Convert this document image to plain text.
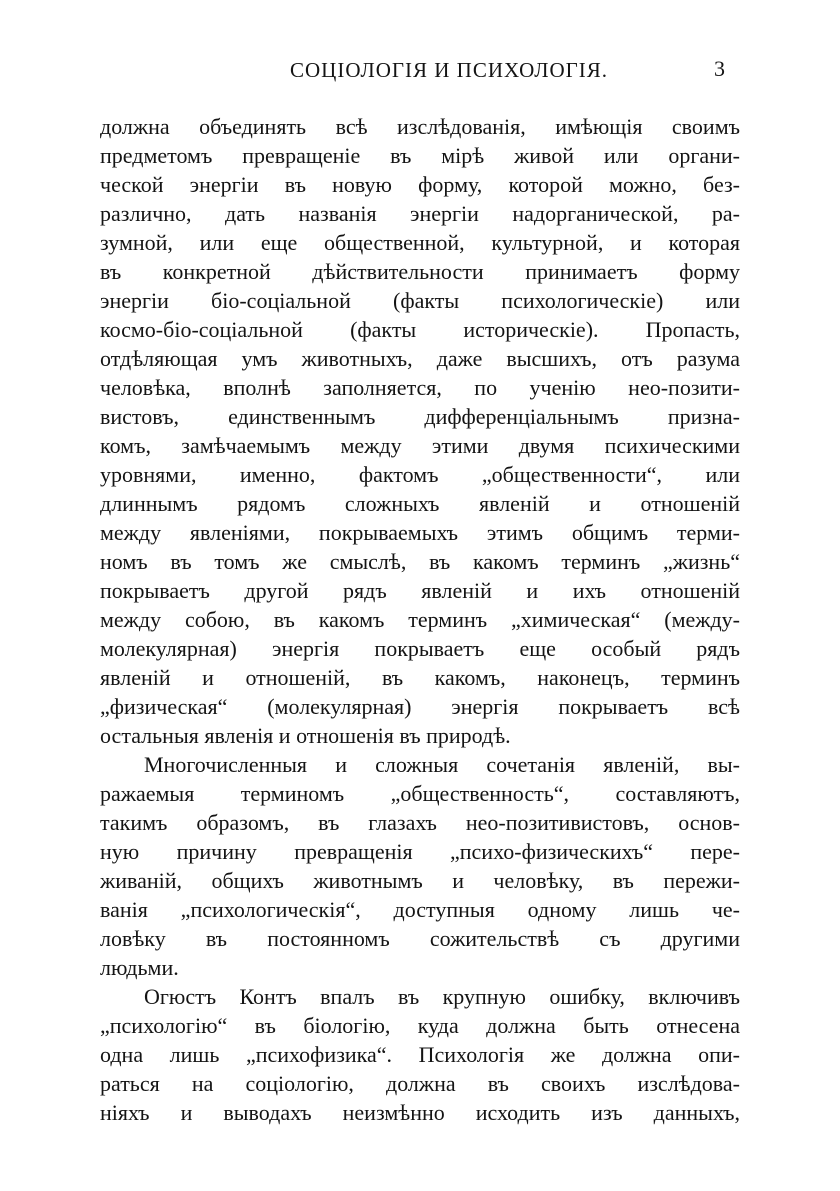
СОЦІОЛОГІЯ И ПСИХОЛОГІЯ.	3
должна объединять всѣ изслѣдованія, имѣющія своимъ
предметомъ превращеніе въ мірѣ живой или органи-
ческой энергіи въ новую форму, которой можно, без-
различно, дать названія энергіи надорганической, ра-
зумной, или еще общественной, культурной, и которая
въ конкретной дѣйствительности принимаетъ форму
энергіи біо-соціальной (факты психологическіе) или
космо-біо-соціальной (факты историческіе). Пропасть,
отдѣляющая умъ животныхъ, даже высшихъ, отъ разума
человѣка, вполнѣ заполняется, по ученію нео-позити-
вистовъ, единственнымъ дифференціальнымъ призна-
комъ, замѣчаемымъ между этими двумя психическими
уровнями, именно, фактомъ „общественности“, или
длиннымъ рядомъ сложныхъ явленій и отношеній
между явленіями, покрываемыхъ этимъ общимъ терми-
номъ въ томъ же смыслѣ, въ какомъ терминъ „жизнь“
покрываетъ другой рядъ явленій и ихъ отношеній
между собою, въ какомъ терминъ „химическая“ (между-
молекулярная) энергія покрываетъ еще особый рядъ
явленій и отношеній, въ какомъ, наконецъ, терминъ
„физическая“ (молекулярная) энергія покрываетъ всѣ
остальныя явленія и отношенія въ природѣ.
Многочисленныя и сложныя сочетанія явленій, вы-
ражаемыя терминомъ „общественность“, составляютъ,
такимъ образомъ, въ глазахъ нео-позитивистовъ, основ-
ную причину превращенія „психо-физическихъ“ пере-
живаній, общихъ животнымъ и человѣку, въ пережи-
ванія „психологическія“, доступныя одному лишь че-
ловѣку въ постоянномъ сожительствѣ съ другими
людьми.
Огюстъ Контъ впалъ въ крупную ошибку, включивъ
„психологію“ въ біологію, куда должна быть отнесена
одна лишь „психофизика“. Психологія же должна опи-
раться на соціологію, должна въ своихъ изслѣдова-
ніяхъ и выводахъ неизмѣнно исходить изъ данныхъ,
